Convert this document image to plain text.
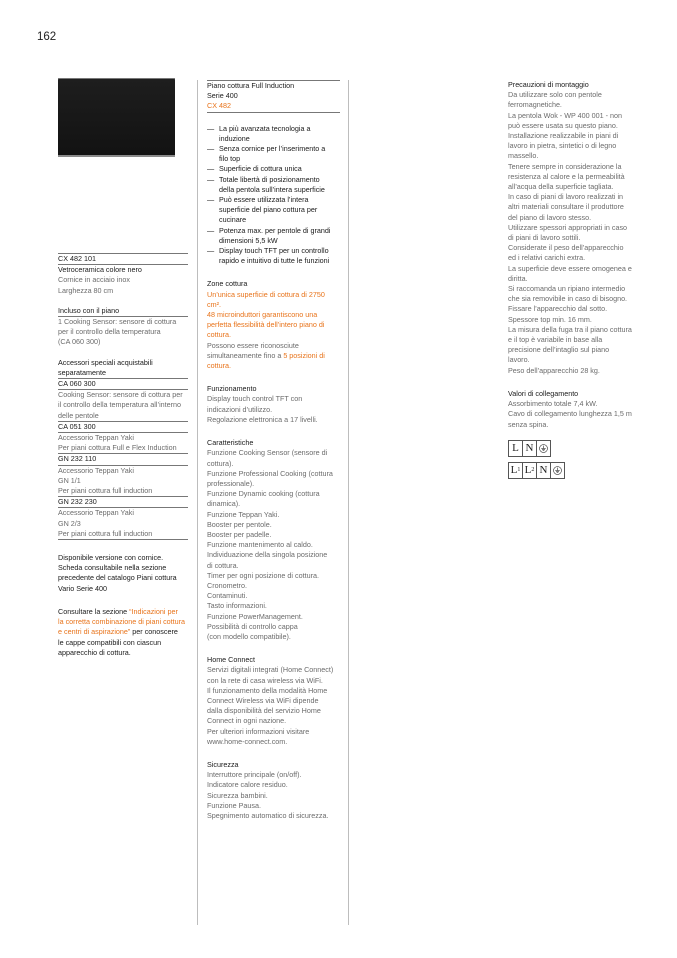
162
CX 482 101
Vetroceramica colore nero
Cornice in acciaio inox
Larghezza 80 cm
Incluso con il piano
1 Cooking Sensor: sensore di cottura
per il controllo della temperatura
(CA 060 300)
Accessori speciali acquistabili
separatamente
CA 060 300
Cooking Sensor: sensore di cottura per
il controllo della temperatura all’interno
delle pentole
CA 051 300
Accessorio Teppan Yaki
Per piani cottura Full e Flex Induction
GN 232 110
Accessorio Teppan Yaki
GN 1/1
Per piani cottura full induction
GN 232 230
Accessorio Teppan Yaki
GN 2/3
Per piani cottura full induction
Disponibile versione con cornice.
Scheda consultabile nella sezione
precedente del catalogo Piani cottura
Vario Serie 400
Consultare la sezione “Indicazioni per
la corretta combinazione di piani cottura
e centri di aspirazione” per conoscere
le cappe compatibili con ciascun
apparecchio di cottura.
Piano cottura Full Induction
Serie 400
CX 482
— La più avanzata tecnologia a
induzione
— Senza cornice per l’inserimento a
filo top
— Superficie di cottura unica
— Totale libertà di posizionamento
della pentola sull’intera superficie
— Può essere utilizzata l’intera
superficie del piano cottura per
cucinare
— Potenza max. per pentole di grandi
dimensioni 5,5 kW
— Display touch TFT per un controllo
rapido e intuitivo di tutte le funzioni
Zone cottura
Un’unica superficie di cottura di 2750 cm².
48 microinduttori garantiscono una
perfetta flessibilità dell’intero piano di
cottura.
Possono essere riconosciute
simultaneamente fino a 5 posizioni di
cottura.
Funzionamento
Display touch control TFT con
indicazioni d’utilizzo.
Regolazione elettronica a 17 livelli.
Caratteristiche
Funzione Cooking Sensor (sensore di
cottura).
Funzione Professional Cooking (cottura
professionale).
Funzione Dynamic cooking (cottura
dinamica).
Funzione Teppan Yaki.
Booster per pentole.
Booster per padelle.
Funzione mantenimento al caldo.
Individuazione della singola posizione
di cottura.
Timer per ogni posizione di cottura.
Cronometro.
Contaminuti.
Tasto informazioni.
Funzione PowerManagement.
Possibilità di controllo cappa
(con modello compatibile).
Home Connect
Servizi digitali integrati (Home Connect)
con la rete di casa wireless via WiFi.
Il funzionamento della modalità Home
Connect Wireless via WiFi dipende
dalla disponibilità del servizio Home
Connect in ogni nazione.
Per ulteriori informazioni visitare
www.home-connect.com.
Sicurezza
Interruttore principale (on/off).
Indicatore calore residuo.
Sicurezza bambini.
Funzione Pausa.
Spegnimento automatico di sicurezza.
Precauzioni di montaggio
Da utilizzare solo con pentole
ferromagnetiche.
La pentola Wok - WP 400 001 - non
può essere usata su questo piano.
Installazione realizzabile in piani di
lavoro in pietra, sintetici o di legno
massello.
Tenere sempre in considerazione la
resistenza al calore e la permeabilità
all’acqua della superficie tagliata.
In caso di piani di lavoro realizzati in
altri materiali consultare il produttore
del piano di lavoro stesso.
Utilizzare spessori appropriati in caso
di piani di lavoro sottili.
Considerate il peso dell’apparecchio
ed i relativi carichi extra.
La superficie deve essere omogenea e
diritta.
Si raccomanda un ripiano intermedio
che sia removibile in caso di bisogno.
Fissare l’apparecchio dal sotto.
Spessore top min. 16 mm.
La misura della fuga tra il piano cottura
e il top è variabile in base alla
precisione dell’intaglio sul piano
lavoro.
Peso dell’apparecchio 28 kg.
Valori di collegamento
Assorbimento totale 7,4 kW.
Cavo di collegamento lunghezza 1,5 m
senza spina.
L N
L 1 L 2 N
